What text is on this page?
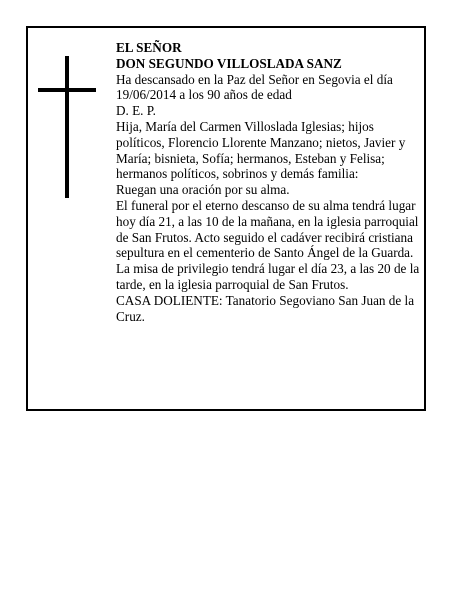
EL SEÑOR

DON SEGUNDO VILLOSLADA SANZ

Ha descansado en la Paz del Señor en Segovia el día 19/06/2014 a los 90 años de edad

D. E. P.

Hija, María del Carmen Villoslada Iglesias; hijos políticos, Florencio Llorente Manzano; nietos, Javier y María; bisnieta, Sofía; hermanos, Esteban y Felisa; hermanos políticos, sobrinos y demás familia:

Ruegan una oración por su alma.

El funeral por el eterno descanso de su alma tendrá lugar hoy día 21, a las 10 de la mañana, en la iglesia parroquial de San Frutos. Acto seguido el cadáver recibirá cristiana sepultura en el cementerio de Santo Ángel de la Guarda. La misa de privilegio tendrá lugar el día 23, a las 20 de la tarde, en la iglesia parroquial de San Frutos.

CASA DOLIENTE: Tanatorio Segoviano San Juan de la Cruz.
